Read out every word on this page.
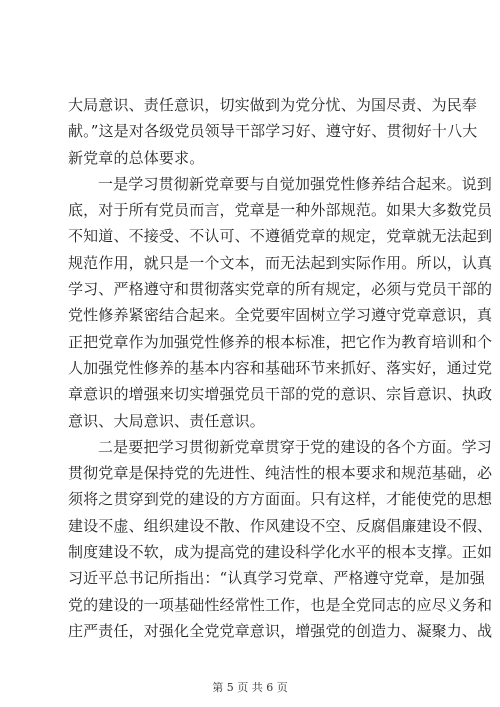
大局意识、责任意识，切实做到为党分忧、为国尽责、为民奉
献。”这是对各级党员领导干部学习好、遵守好、贯彻好十八大
新党章的总体要求。

一是学习贯彻新党章要与自觉加强党性修养结合起来。说到
底，对于所有党员而言，党章是一种外部规范。如果大多数党员
不知道、不接受、不认可、不遵循党章的规定，党章就无法起到
规范作用，就只是一个文本，而无法起到实际作用。所以，认真
学习、严格遵守和贯彻落实党章的所有规定，必须与党员干部的
党性修养紧密结合起来。全党要牢固树立学习遵守党章意识，真
正把党章作为加强党性修养的根本标准，把它作为教育培训和个
人加强党性修养的基本内容和基础环节来抓好、落实好，通过党
章意识的增强来切实增强党员干部的党的意识、宗旨意识、执政
意识、大局意识、责任意识。

二是要把学习贯彻新党章贯穿于党的建设的各个方面。学习
贯彻党章是保持党的先进性、纯洁性的根本要求和规范基础，必
须将之贯穿到党的建设的方方面面。只有这样，才能使党的思想
建设不虚、组织建设不散、作风建设不空、反腐倡廉建设不假、
制度建设不软，成为提高党的建设科学化水平的根本支撑。正如
习近平总书记所指出：“认真学习党章、严格遵守党章，是加强
党的建设的一项基础性经常性工作，也是全党同志的应尽义务和
庄严责任，对强化全党党章意识，增强党的创造力、凝聚力、战

第 5 页 共 6 页
